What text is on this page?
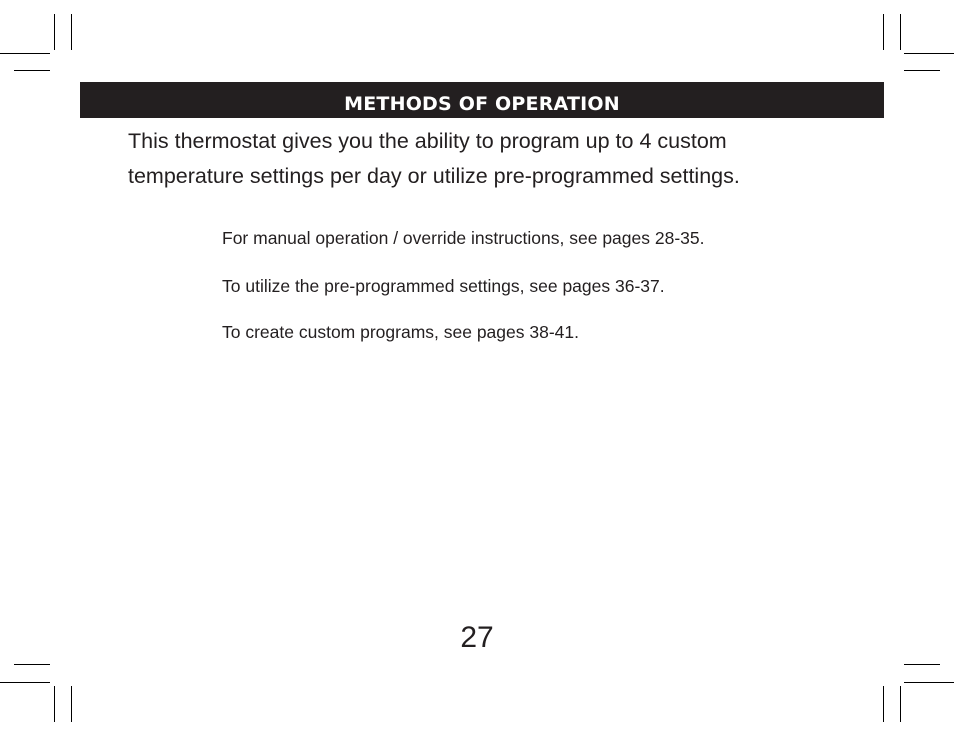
METHODS OF OPERATION

This thermostat gives you the ability to program up to 4 custom temperature settings per day or utilize pre-programmed settings.

For manual operation / override instructions, see pages 28-35.

To utilize the pre-programmed settings, see pages 36-37.

To create custom programs, see pages 38-41.

27
